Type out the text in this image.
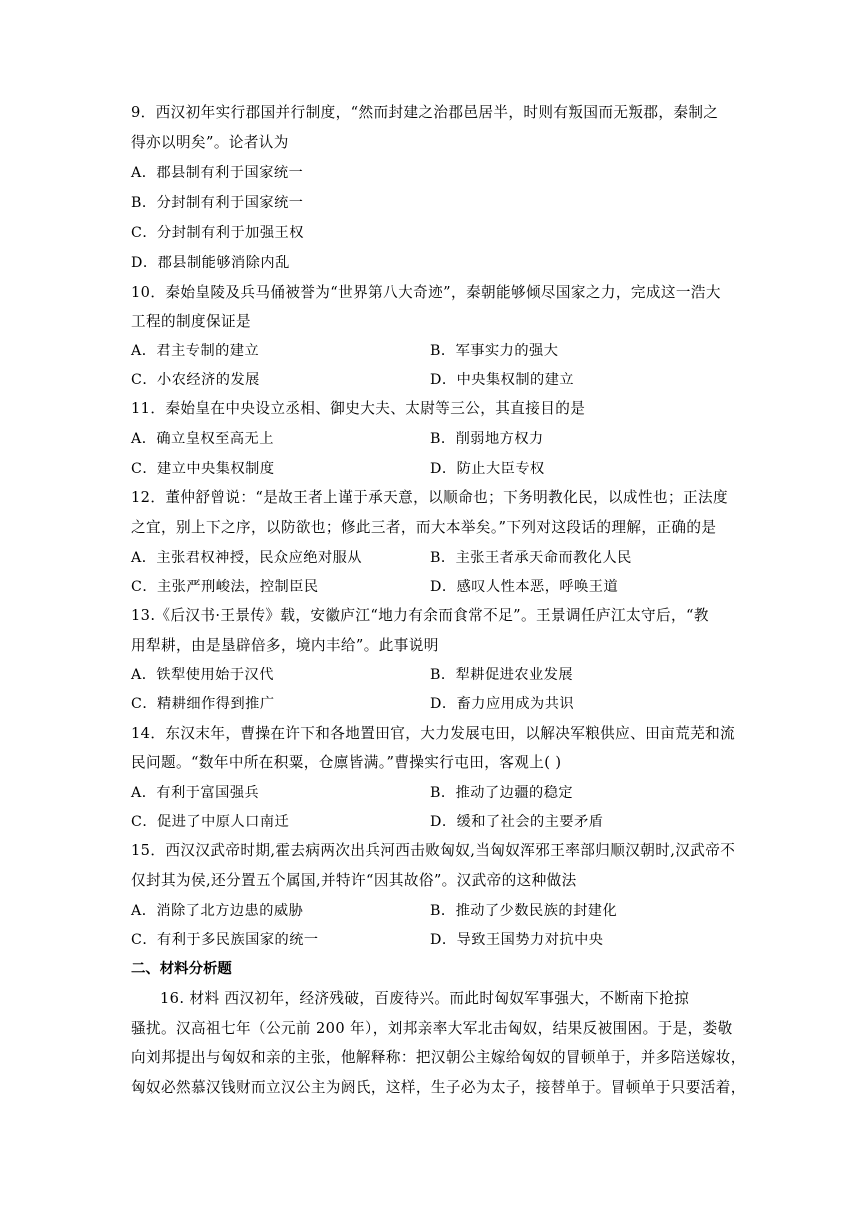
9．西汉初年实行郡国并行制度，“然而封建之治郡邑居半，时则有叛国而无叛郡，秦制之
得亦以明矣”。论者认为
A．郡县制有利于国家统一
B．分封制有利于国家统一
C．分封制有利于加强王权
D．郡县制能够消除内乱
10．秦始皇陵及兵马俑被誉为“世界第八大奇迹”，秦朝能够倾尽国家之力，完成这一浩大
工程的制度保证是
A．君主专制的建立	B．军事实力的强大
C．小农经济的发展	D．中央集权制的建立
11．秦始皇在中央设立丞相、御史大夫、太尉等三公，其直接目的是
A．确立皇权至高无上	B．削弱地方权力
C．建立中央集权制度	D．防止大臣专权
12．董仲舒曾说：“是故王者上谨于承天意，以顺命也；下务明教化民，以成性也；正法度
之宜，别上下之序，以防欲也；修此三者，而大本举矣。”下列对这段话的理解，正确的是
A．主张君权神授，民众应绝对服从	B．主张王者承天命而教化人民
C．主张严刑峻法，控制臣民	D．感叹人性本恶，呼唤王道
13.《后汉书·王景传》载，安徽庐江“地力有余而食常不足”。王景调任庐江太守后，“教
用犁耕，由是垦辟倍多，境内丰给”。此事说明
A．铁犁使用始于汉代	B．犁耕促进农业发展
C．精耕细作得到推广	D．畜力应用成为共识
14．东汉末年，曹操在许下和各地置田官，大力发展屯田，以解决军粮供应、田亩荒芜和流
民问题。“数年中所在积粟，仓廪皆满。”曹操实行屯田，客观上( )
A．有利于富国强兵	B．推动了边疆的稳定
C．促进了中原人口南迁	D．缓和了社会的主要矛盾
15．西汉汉武帝时期,霍去病两次出兵河西击败匈奴,当匈奴浑邪王率部归顺汉朝时,汉武帝不
仅封其为侯,还分置五个属国,并特许“因其故俗”。汉武帝的这种做法
A．消除了北方边患的威胁	B．推动了少数民族的封建化
C．有利于多民族国家的统一	D．导致王国势力对抗中央
二、材料分析题
16. 材料 西汉初年，经济残破，百废待兴。而此时匈奴军事强大，不断南下抢掠
骚扰。汉高祖七年（公元前 200 年），刘邦亲率大军北击匈奴，结果反被围困。于是，娄敬
向刘邦提出与匈奴和亲的主张，他解释称：把汉朝公主嫁给匈奴的冒顿单于，并多陪送嫁妆，
匈奴必然慕汉钱财而立汉公主为阏氏，这样，生子必为太子，接替单于。冒顿单于只要活着，
